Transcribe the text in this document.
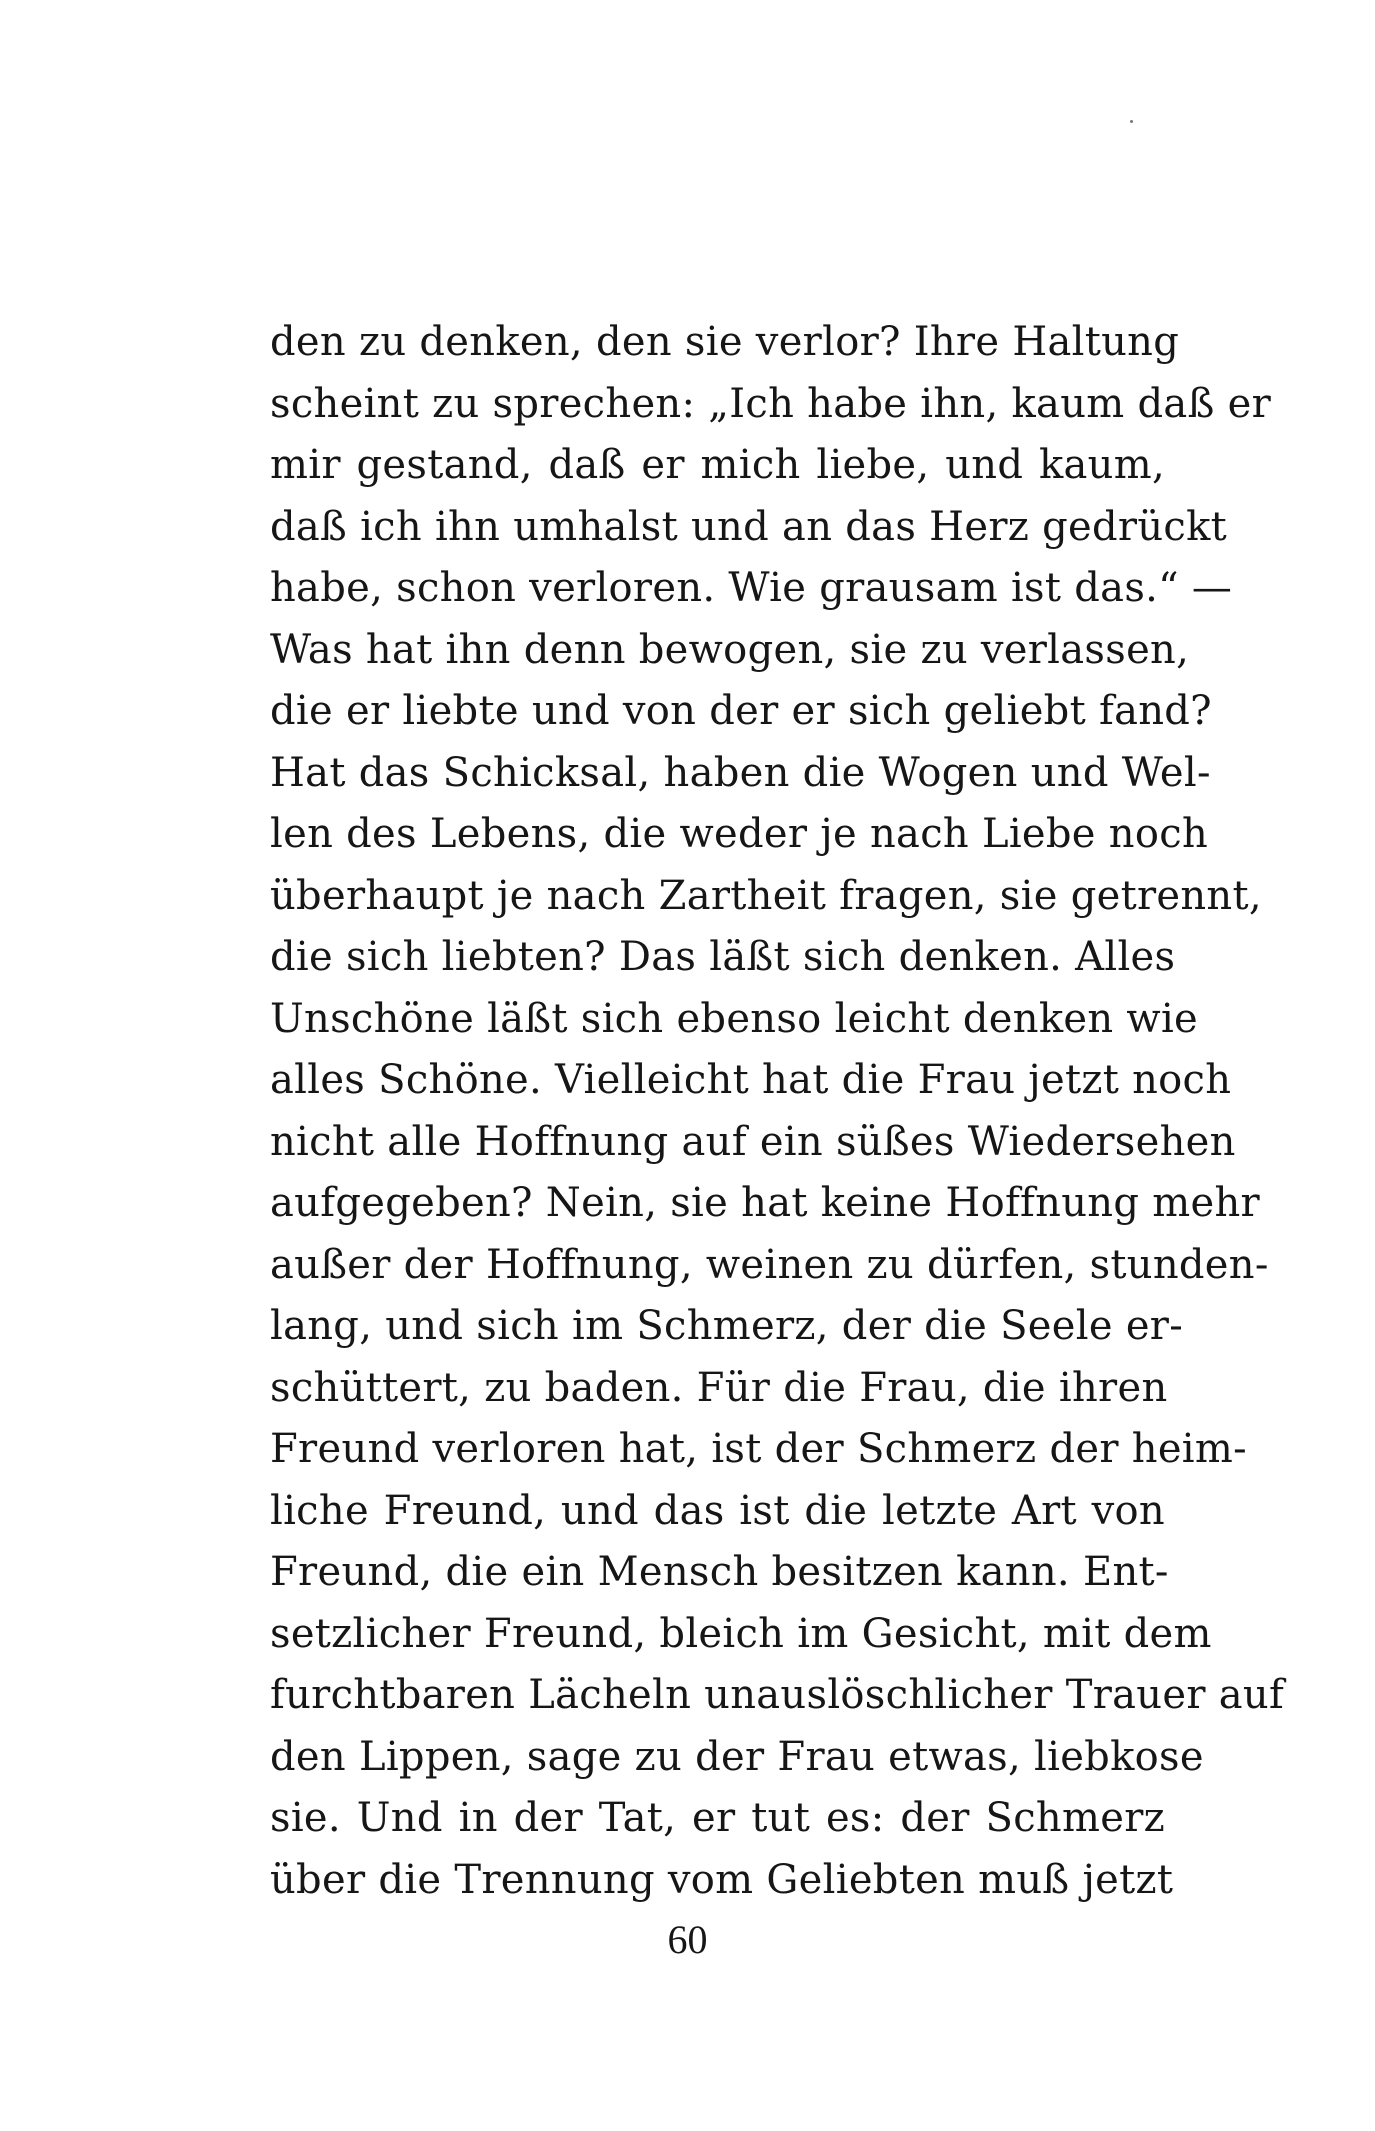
den zu denken, den sie verlor? Ihre Haltung
scheint zu sprechen: „Ich habe ihn, kaum daß er
mir gestand, daß er mich liebe, und kaum,
daß ich ihn umhalst und an das Herz gedrückt
habe, schon verloren. Wie grausam ist das.“ —
Was hat ihn denn bewogen, sie zu verlassen,
die er liebte und von der er sich geliebt fand?
Hat das Schicksal, haben die Wogen und Wel-
len des Lebens, die weder je nach Liebe noch
überhaupt je nach Zartheit fragen, sie getrennt,
die sich liebten? Das läßt sich denken. Alles
Unschöne läßt sich ebenso leicht denken wie
alles Schöne. Vielleicht hat die Frau jetzt noch
nicht alle Hoffnung auf ein süßes Wiedersehen
aufgegeben? Nein, sie hat keine Hoffnung mehr
außer der Hoffnung, weinen zu dürfen, stunden-
lang, und sich im Schmerz, der die Seele er-
schüttert, zu baden. Für die Frau, die ihren
Freund verloren hat, ist der Schmerz der heim-
liche Freund, und das ist die letzte Art von
Freund, die ein Mensch besitzen kann. Ent-
setzlicher Freund, bleich im Gesicht, mit dem
furchtbaren Lächeln unauslöschlicher Trauer auf
den Lippen, sage zu der Frau etwas, liebkose
sie. Und in der Tat, er tut es: der Schmerz
über die Trennung vom Geliebten muß jetzt
60
